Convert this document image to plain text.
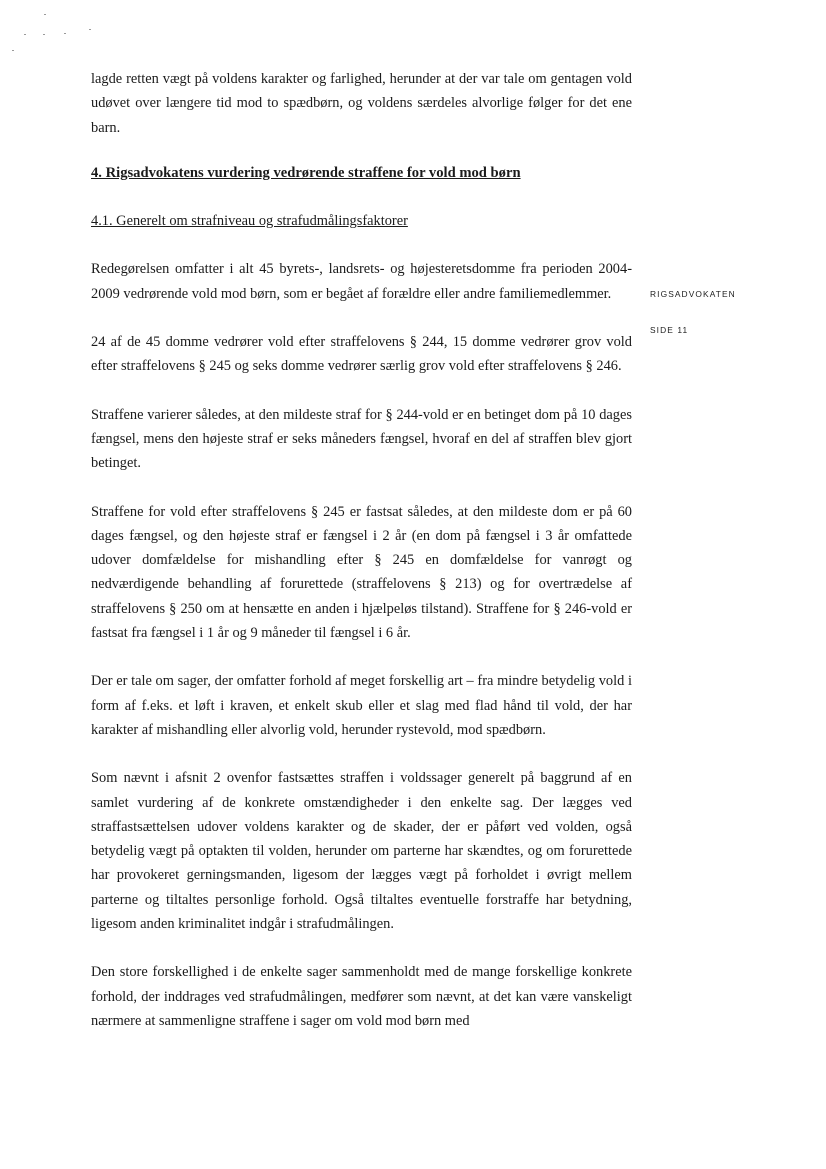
RIGSADVOKATEN
SIDE 11

lagde retten vægt på voldens karakter og farlighed, herunder at der var tale om gentagen vold udøvet over længere tid mod to spædbørn, og voldens særdeles alvorlige følger for det ene barn.

4. Rigsadvokatens vurdering vedrørende straffene for vold mod børn

4.1. Generelt om strafniveau og strafudmålingsfaktorer

Redegørelsen omfatter i alt 45 byrets-, landsrets- og højesteretsdomme fra perioden 2004-2009 vedrørende vold mod børn, som er begået af forældre eller andre familiemedlemmer.

24 af de 45 domme vedrører vold efter straffelovens § 244, 15 domme vedrører grov vold efter straffelovens § 245 og seks domme vedrører særlig grov vold efter straffelovens § 246.

Straffene varierer således, at den mildeste straf for § 244-vold er en betinget dom på 10 dages fængsel, mens den højeste straf er seks måneders fængsel, hvoraf en del af straffen blev gjort betinget.

Straffene for vold efter straffelovens § 245 er fastsat således, at den mildeste dom er på 60 dages fængsel, og den højeste straf er fængsel i 2 år (en dom på fængsel i 3 år omfattede udover domfældelse for mishandling efter § 245 en domfældelse for vanrøgt og nedværdigende behandling af forurettede (straffelovens § 213) og for overtrædelse af straffelovens § 250 om at hensætte en anden i hjælpeløs tilstand). Straffene for § 246-vold er fastsat fra fængsel i 1 år og 9 måneder til fængsel i 6 år.

Der er tale om sager, der omfatter forhold af meget forskellig art – fra mindre betydelig vold i form af f.eks. et løft i kraven, et enkelt skub eller et slag med flad hånd til vold, der har karakter af mishandling eller alvorlig vold, herunder rystevold, mod spædbørn.

Som nævnt i afsnit 2 ovenfor fastsættes straffen i voldssager generelt på baggrund af en samlet vurdering af de konkrete omstændigheder i den enkelte sag. Der lægges ved straffastsættelsen udover voldens karakter og de skader, der er påført ved volden, også betydelig vægt på optakten til volden, herunder om parterne har skændtes, og om forurettede har provokeret gerningsmanden, ligesom der lægges vægt på forholdet i øvrigt mellem parterne og tiltaltes personlige forhold. Også tiltaltes eventuelle forstraffe har betydning, ligesom anden kriminalitet indgår i strafudmålingen.

Den store forskellighed i de enkelte sager sammenholdt med de mange forskellige konkrete forhold, der inddrages ved strafudmålingen, medfører som nævnt, at det kan være vanskeligt nærmere at sammenligne straffene i sager om vold mod børn med
